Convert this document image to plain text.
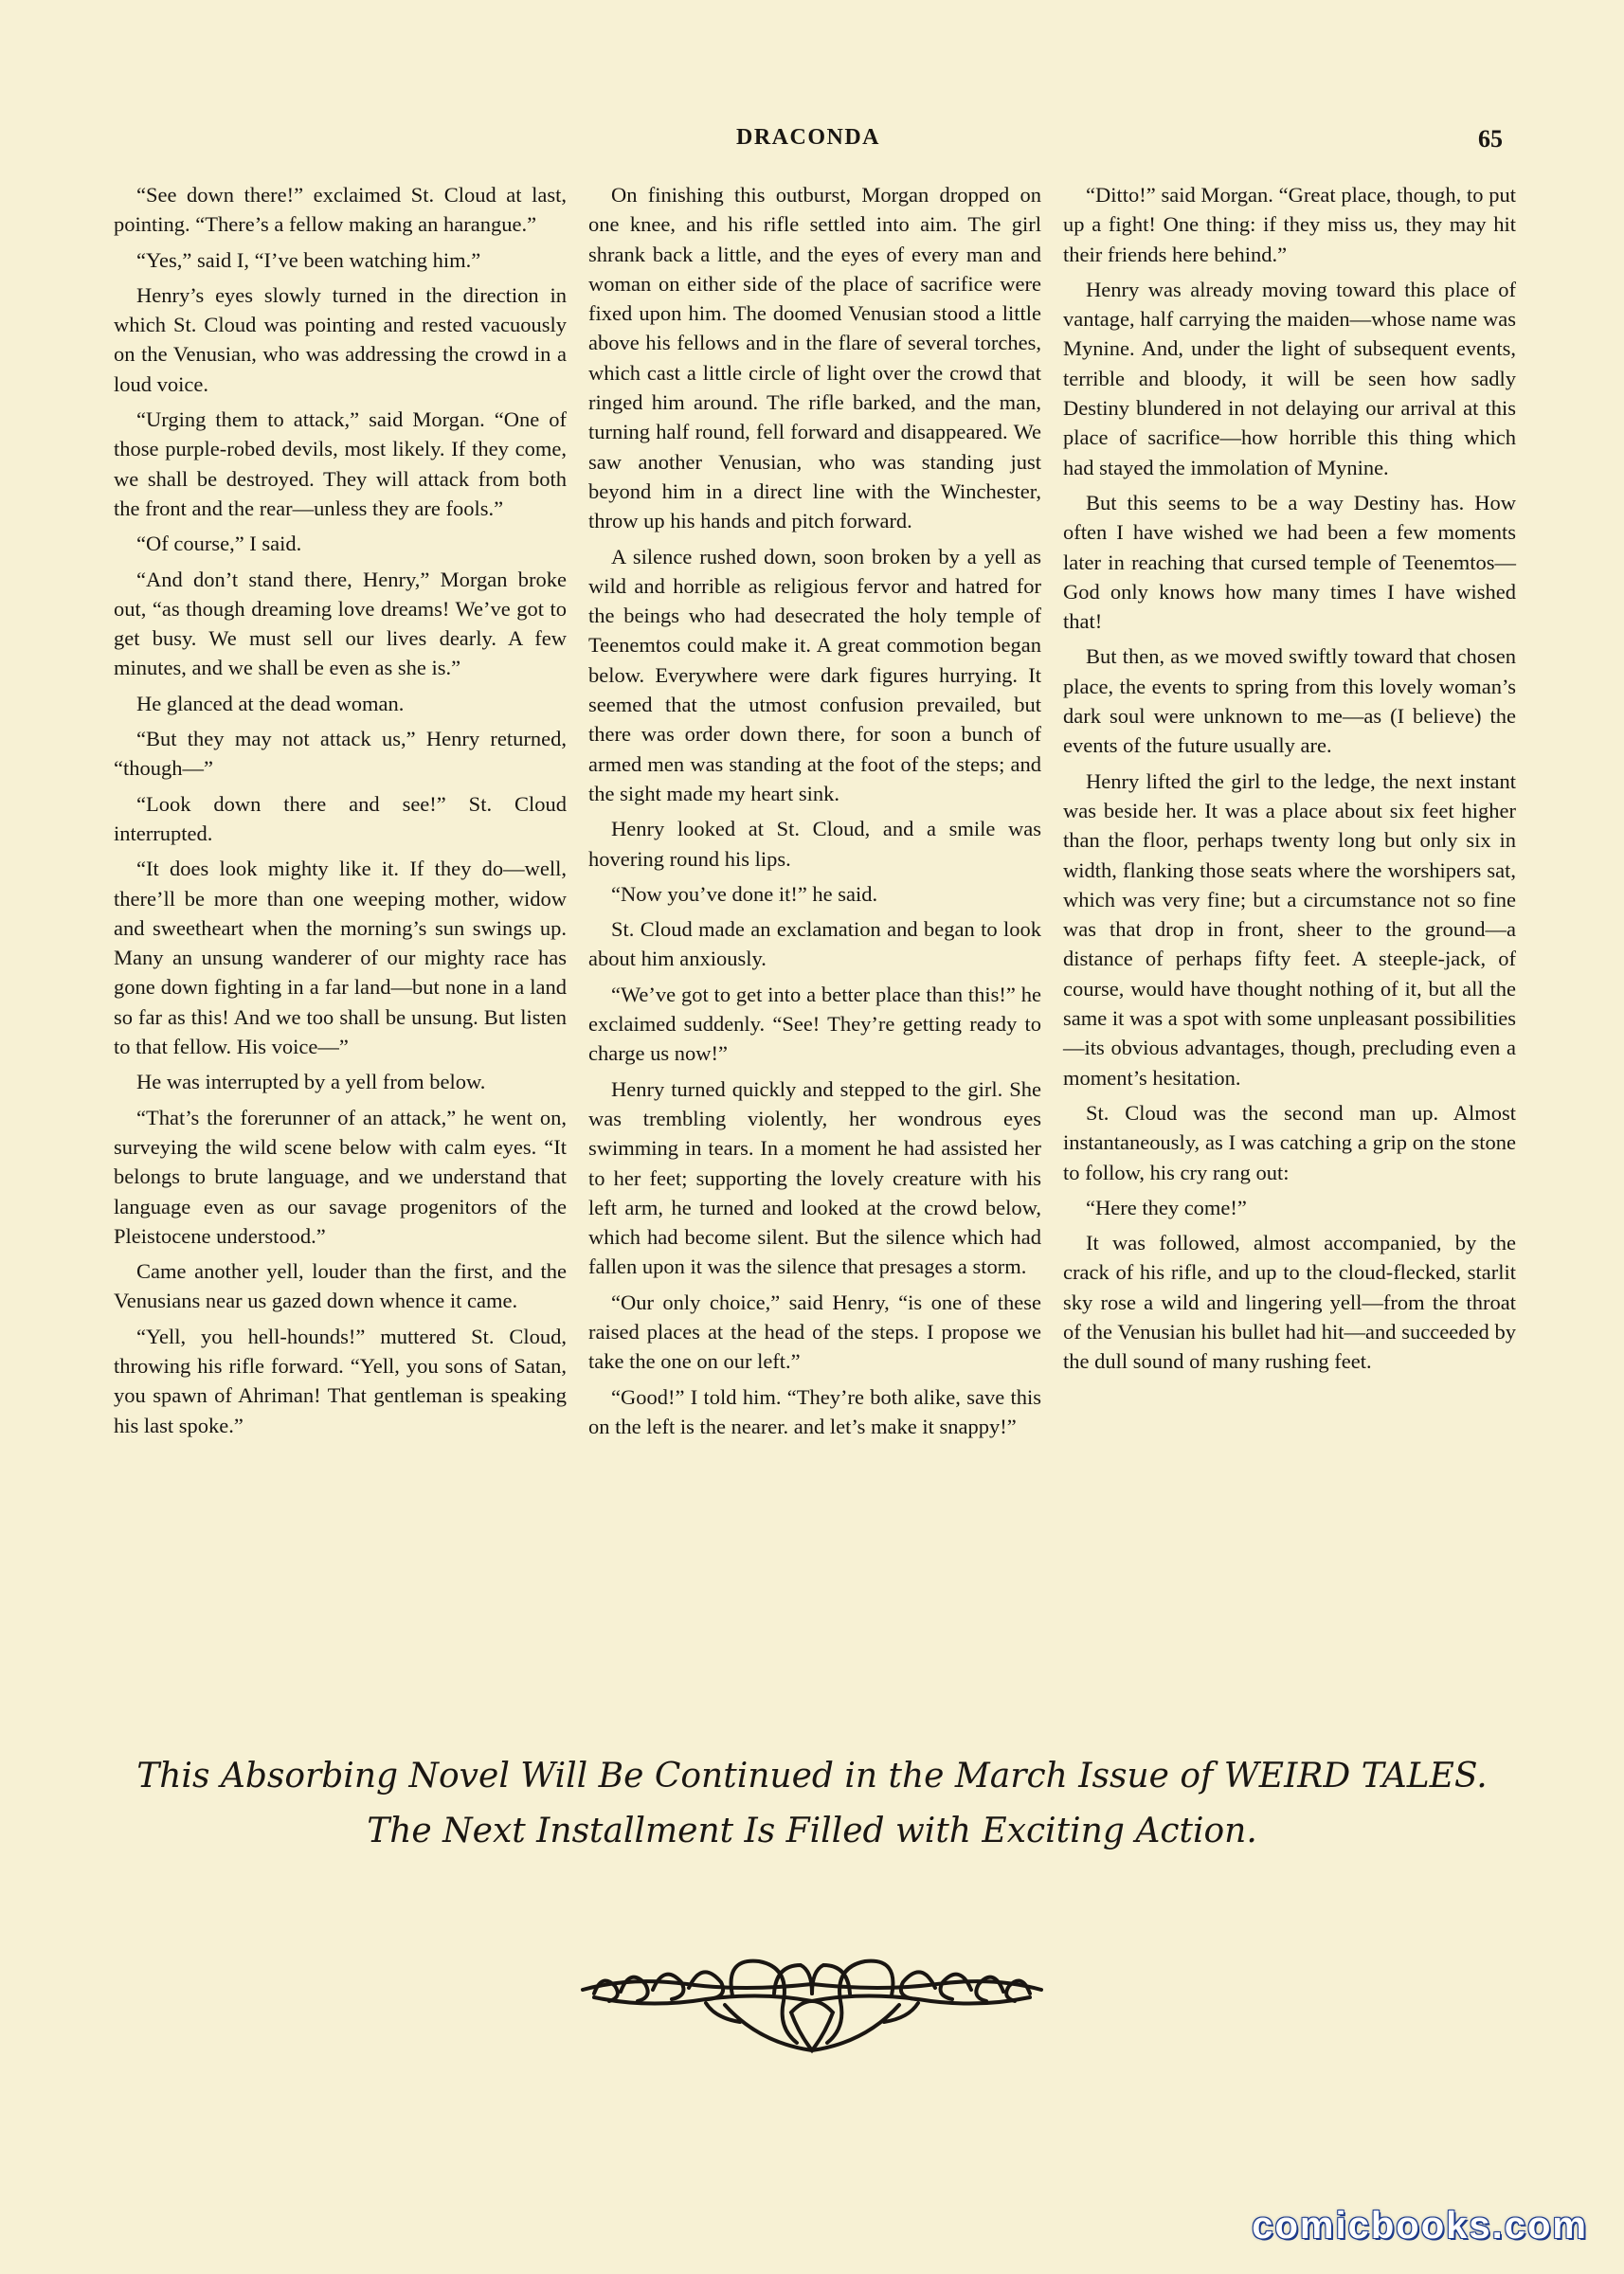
DRACONDA	65

“See down there!” exclaimed St. Cloud at last, pointing. “There’s a fellow making an harangue.”

“Yes,” said I, “I’ve been watching him.”

Henry’s eyes slowly turned in the direction in which St. Cloud was pointing and rested vacuously on the Venusian, who was addressing the crowd in a loud voice.

“Urging them to attack,” said Morgan. “One of those purple-robed devils, most likely. If they come, we shall be destroyed. They will attack from both the front and the rear—unless they are fools.”

“Of course,” I said.

“And don’t stand there, Henry,” Morgan broke out, “as though dreaming love dreams! We’ve got to get busy. We must sell our lives dearly. A few minutes, and we shall be even as she is.”

He glanced at the dead woman.

“But they may not attack us,” Henry returned, “though—”

“Look down there and see!” St. Cloud interrupted.

“It does look mighty like it. If they do—well, there’ll be more than one weeping mother, widow and sweetheart when the morning’s sun swings up. Many an unsung wanderer of our mighty race has gone down fighting in a far land—but none in a land so far as this! And we too shall be unsung. But listen to that fellow. His voice—”

He was interrupted by a yell from below.

“That’s the forerunner of an attack,” he went on, surveying the wild scene below with calm eyes. “It belongs to brute language, and we understand that language even as our savage progenitors of the Pleistocene understood.”

Came another yell, louder than the first, and the Venusians near us gazed down whence it came.

“Yell, you hell-hounds!” muttered St. Cloud, throwing his rifle forward. “Yell, you sons of Satan, you spawn of Ahriman! That gentleman is speaking his last spoke.”

On finishing this outburst, Morgan dropped on one knee, and his rifle settled into aim. The girl shrank back a little, and the eyes of every man and woman on either side of the place of sacrifice were fixed upon him. The doomed Venusian stood a little above his fellows and in the flare of several torches, which cast a little circle of light over the crowd that ringed him around. The rifle barked, and the man, turning half round, fell forward and disappeared. We saw another Venusian, who was standing just beyond him in a direct line with the Winchester, throw up his hands and pitch forward.

A silence rushed down, soon broken by a yell as wild and horrible as religious fervor and hatred for the beings who had desecrated the holy temple of Teenemtos could make it. A great commotion began below. Everywhere were dark figures hurrying. It seemed that the utmost confusion prevailed, but there was order down there, for soon a bunch of armed men was standing at the foot of the steps; and the sight made my heart sink.

Henry looked at St. Cloud, and a smile was hovering round his lips.

“Now you’ve done it!” he said.

St. Cloud made an exclamation and began to look about him anxiously.

“We’ve got to get into a better place than this!” he exclaimed suddenly. “See! They’re getting ready to charge us now!”

Henry turned quickly and stepped to the girl. She was trembling violently, her wondrous eyes swimming in tears. In a moment he had assisted her to her feet; supporting the lovely creature with his left arm, he turned and looked at the crowd below, which had become silent. But the silence which had fallen upon it was the silence that presages a storm.

“Our only choice,” said Henry, “is one of these raised places at the head of the steps. I propose we take the one on our left.”

“Good!” I told him. “They’re both alike, save this on the left is the nearer. and let’s make it snappy!”

“Ditto!” said Morgan. “Great place, though, to put up a fight! One thing: if they miss us, they may hit their friends here behind.”

Henry was already moving toward this place of vantage, half carrying the maiden—whose name was Mynine. And, under the light of subsequent events, terrible and bloody, it will be seen how sadly Destiny blundered in not delaying our arrival at this place of sacrifice—how horrible this thing which had stayed the immolation of Mynine.

But this seems to be a way Destiny has. How often I have wished we had been a few moments later in reaching that cursed temple of Teenemtos—God only knows how many times I have wished that!

But then, as we moved swiftly toward that chosen place, the events to spring from this lovely woman’s dark soul were unknown to me—as (I believe) the events of the future usually are.

Henry lifted the girl to the ledge, the next instant was beside her. It was a place about six feet higher than the floor, perhaps twenty long but only six in width, flanking those seats where the worshipers sat, which was very fine; but a circumstance not so fine was that drop in front, sheer to the ground—a distance of perhaps fifty feet. A steeple-jack, of course, would have thought nothing of it, but all the same it was a spot with some unpleasant possibilities—its obvious advantages, though, precluding even a moment’s hesitation.

St. Cloud was the second man up. Almost instantaneously, as I was catching a grip on the stone to follow, his cry rang out:

“Here they come!”

It was followed, almost accompanied, by the crack of his rifle, and up to the cloud-flecked, starlit sky rose a wild and lingering yell—from the throat of the Venusian his bullet had hit—and succeeded by the dull sound of many rushing feet.

This Absorbing Novel Will Be Continued in the March Issue of WEIRD TALES.
The Next Installment Is Filled with Exciting Action.
comicbooks.com
